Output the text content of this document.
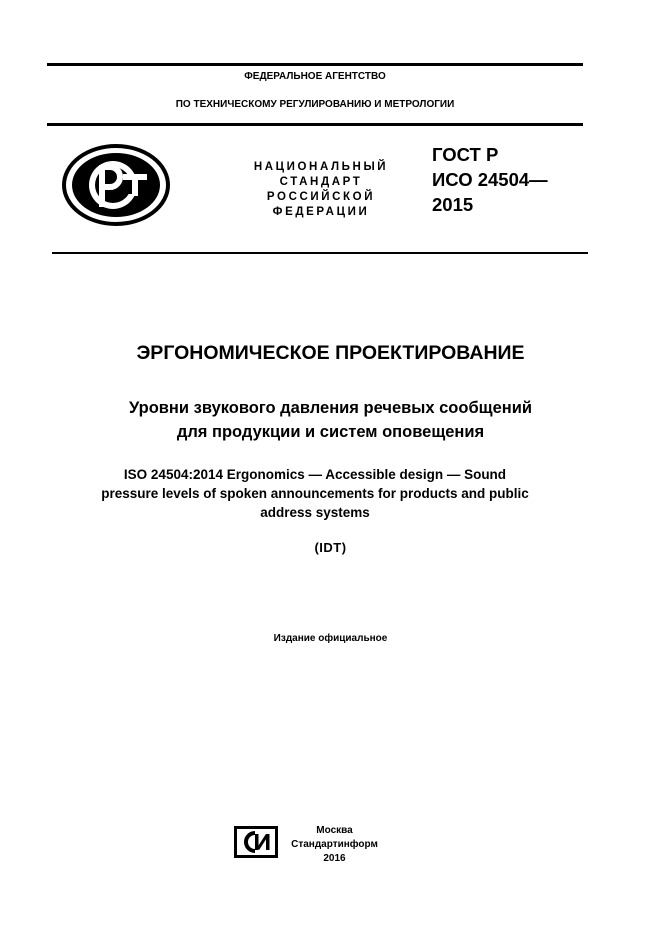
ФЕДЕРАЛЬНОЕ АГЕНТСТВО
ПО ТЕХНИЧЕСКОМУ РЕГУЛИРОВАНИЮ И МЕТРОЛОГИИ
НАЦИОНАЛЬНЫЙ
СТАНДАРТ
РОССИЙСКОЙ
ФЕДЕРАЦИИ
ГОСТ Р
ИСО 24504—
2015
ЭРГОНОМИЧЕСКОЕ ПРОЕКТИРОВАНИЕ
Уровни звукового давления речевых сообщений
для продукции и систем оповещения
ISO 24504:2014 Ergonomics — Accessible design — Sound
pressure levels of spoken announcements for products and public
address systems
(IDT)
Издание официальное
Москва
Стандартинформ
2016
